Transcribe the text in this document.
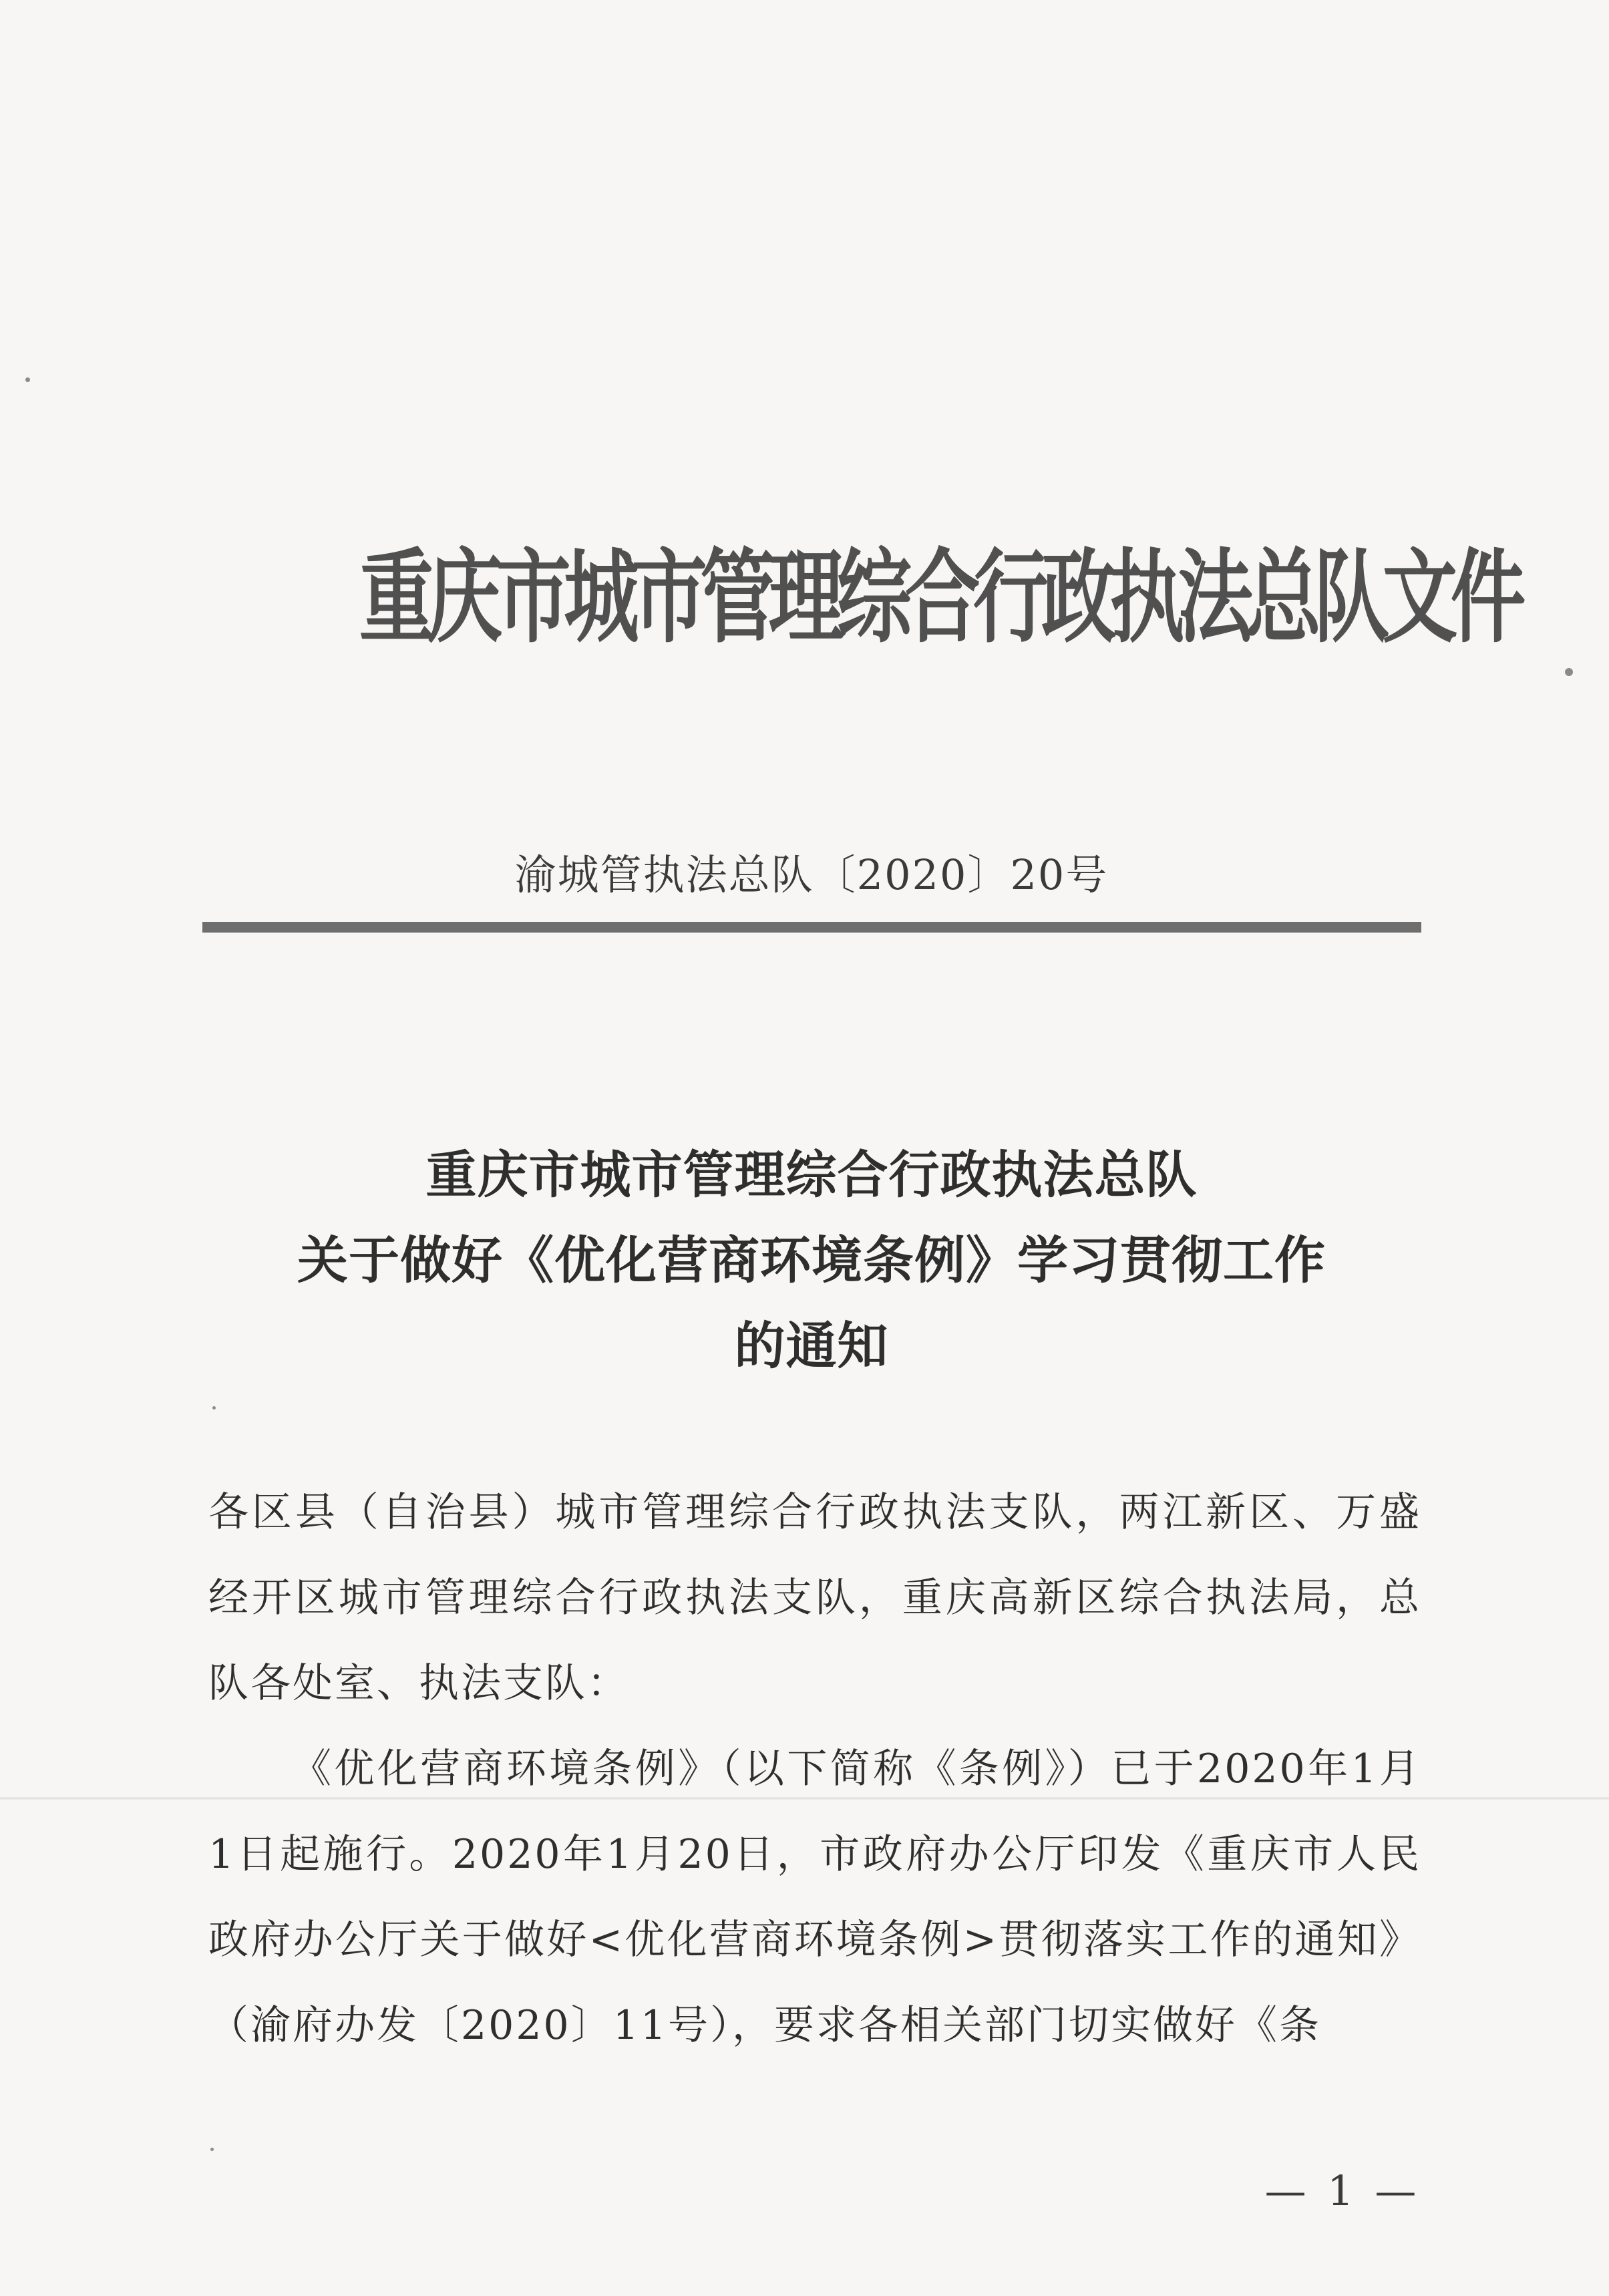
重庆市城市管理综合行政执法总队文件
渝城管执法总队〔2020〕20号
重庆市城市管理综合行政执法总队
关于做好《优化营商环境条例》学习贯彻工作
的通知

各区县（自治县）城市管理综合行政执法支队，两江新区、万盛经开区城市管理综合行政执法支队，重庆高新区综合执法局，总队各处室、执法支队：

《优化营商环境条例》（以下简称《条例》）已于2020年1月1日起施行。2020年1月20日，市政府办公厅印发《重庆市人民政府办公厅关于做好<优化营商环境条例>贯彻落实工作的通知》（渝府办发〔2020〕11号），要求各相关部门切实做好《条

— 1 —
